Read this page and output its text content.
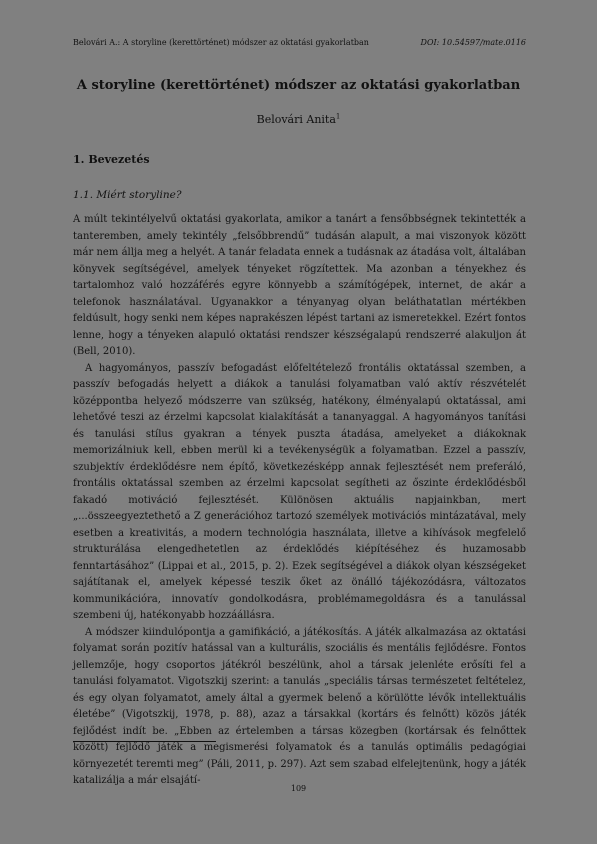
Belovári A.: A storyline (kerettörténet) módszer az oktatási gyakorlatban	DOI: 10.54597/mate.0116
A storyline (kerettörténet) módszer az oktatási gyakorlatban
Belovári Anita$^1$
1. Bevezetés
1.1. Miért storyline?

A múlt tekintélyelvű oktatási gyakorlata, amikor a tanárt a fensőbbségnek tekintették a tanteremben, amely tekintély „felsőbbrendű” tudásán alapult, a mai viszonyok között már nem állja meg a helyét. A tanár feladata ennek a tudásnak az átadása volt, általában könyvek segítségével, amelyek tényeket rögzítettek. Ma azonban a tényekhez és tartalomhoz való hozzáférés egyre könnyebb a számítógépek, internet, de akár a telefonok használatával. Ugyanakkor a tényanyag olyan beláthatatlan mértékben feldúsult, hogy senki nem képes naprakészen lépést tartani az ismeretekkel. Ezért fontos lenne, hogy a tényeken alapuló oktatási rendszer készségalapú rendszerré alakuljon át (Bell, 2010).

A hagyományos, passzív befogadást előfeltételező frontális oktatással szemben, a passzív befogadás helyett a diákok a tanulási folyamatban való aktív részvételét középpontba helyező módszerre van szükség, hatékony, élményalapú oktatással, ami lehetővé teszi az érzelmi kapcsolat kialakítását a tananyaggal. A hagyományos tanítási és tanulási stílus gyakran a tények puszta átadása, amelyeket a diákoknak memorizálniuk kell, ebben merül ki a tevékenységük a folyamatban. Ezzel a passzív, szubjektív érdeklődésre nem építő, következésképp annak fejlesztését nem preferáló, frontális oktatással szemben az érzelmi kapcsolat segítheti az őszinte érdeklődésből fakadó motiváció fejlesztését. Különösen aktuális napjainkban, mert „...összeegyeztethető a Z generációhoz tartozó személyek motivációs mintázatával, mely esetben a kreativitás, a modern technológia használata, illetve a kihívások megfelelő strukturálása elengedhetetlen az érdeklődés kiépítéséhez és huzamosabb fenntartásához” (Lippai et al., 2015, p. 2). Ezek segítségével a diákok olyan készségeket sajátítanak el, amelyek képessé teszik őket az önálló tájékozódásra, változatos kommunikációra, innovatív gondolkodásra, problémamegoldásra és a tanulással szembeni új, hatékonyabb hozzáállásra.

A módszer kiindulópontja a gamifikáció, a játékosítás. A játék alkalmazása az oktatási folyamat során pozitív hatással van a kulturális, szociális és mentális fejlődésre. Fontos jellemzője, hogy csoportos játékról beszélünk, ahol a társak jelenléte erősíti fel a tanulási folyamatot. Vigotszkij szerint: a tanulás „speciális társas természetet feltételez, és egy olyan folyamatot, amely által a gyermek belenő a körülötte lévők intellektuális életébe” (Vigotszkij, 1978, p. 88), azaz a társakkal (kortárs és felnőtt) közös játék fejlődést indít be. „Ebben az értelemben a társas közegben (kortársak és felnőttek között) fejlődő játék a megismerési folyamatok és a tanulás optimális pedagógiai környezetét teremti meg” (Páli, 2011, p. 297). Azt sem szabad elfelejtenünk, hogy a játék katalizálja a már elsajátí-

109
